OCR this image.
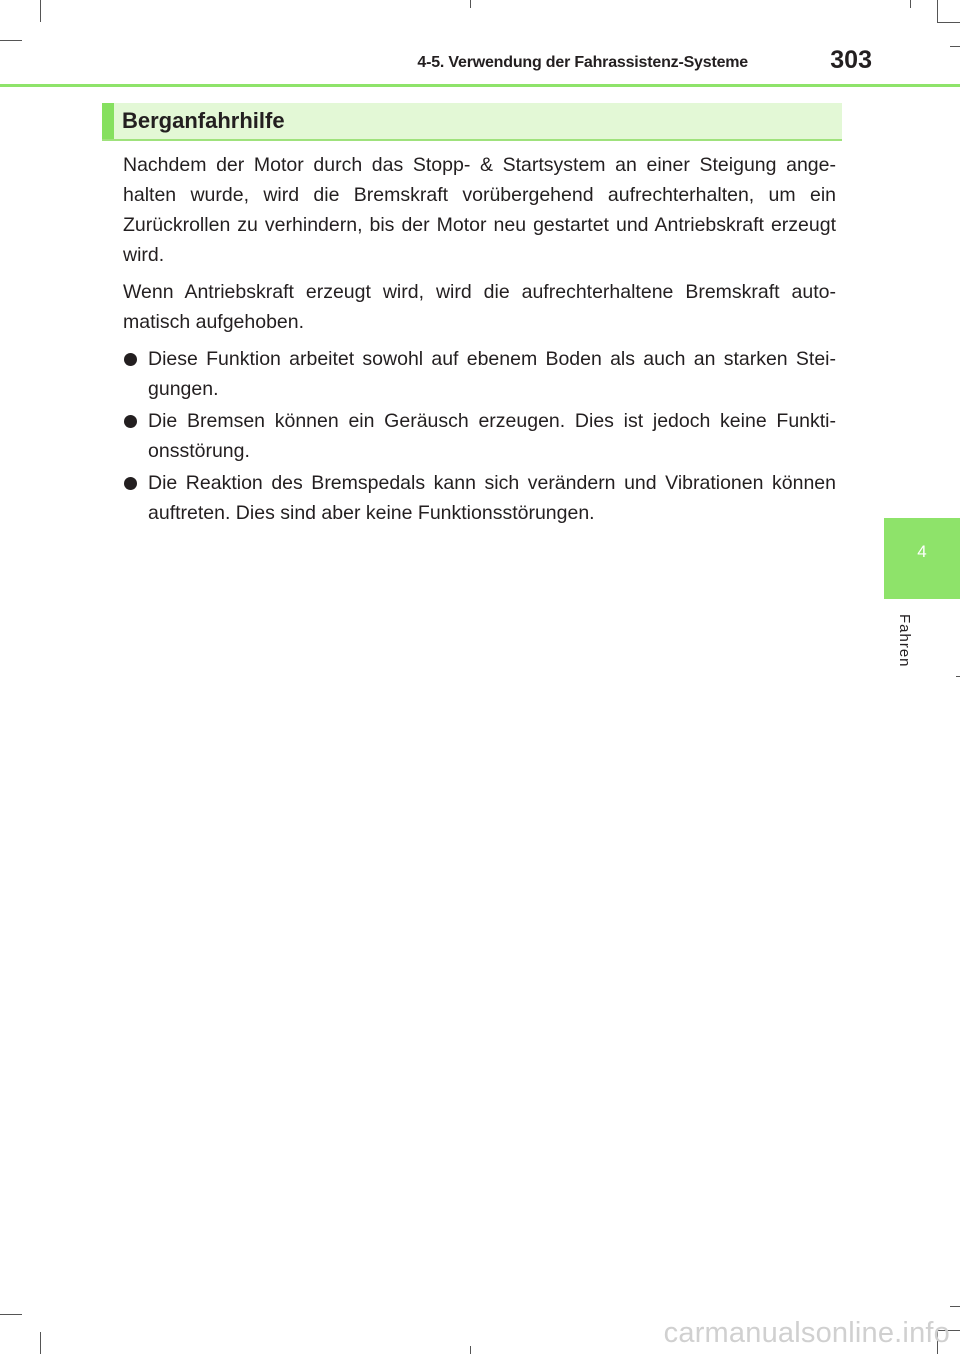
4-5. Verwendung der Fahrassistenz-Systeme	303
Berganfahrhilfe

Nachdem der Motor durch das Stopp- & Startsystem an einer Steigung ange-halten wurde, wird die Bremskraft vorübergehend aufrechterhalten, um ein Zurückrollen zu verhindern, bis der Motor neu gestartet und Antriebskraft erzeugt wird.

Wenn Antriebskraft erzeugt wird, wird die aufrechterhaltene Bremskraft auto-matisch aufgehoben.

Diese Funktion arbeitet sowohl auf ebenem Boden als auch an starken Stei-gungen.
Die Bremsen können ein Geräusch erzeugen. Dies ist jedoch keine Funkti-onsstörung.
Die Reaktion des Bremspedals kann sich verändern und Vibrationen können auftreten. Dies sind aber keine Funktionsstörungen.
4
Fahren
carmanualsonline.info
